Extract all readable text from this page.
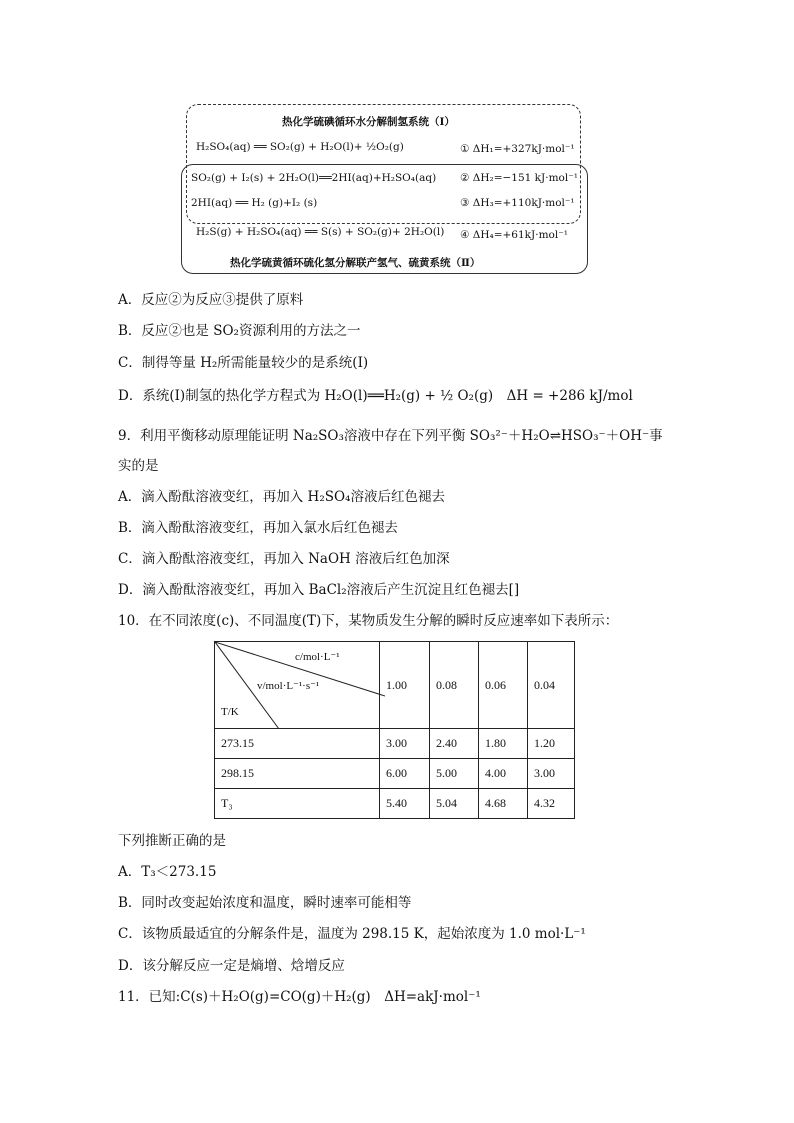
热化学硫碘循环水分解制氢系统（Ⅰ）
H₂SO₄(aq) ══ SO₂(g) + H₂O(l)+ ½O₂(g)	① ΔH₁=+327kJ·mol⁻¹
SO₂(g) + I₂(s) + 2H₂O(l)══2HI(aq)+H₂SO₄(aq) ② ΔH₂=−151 kJ·mol⁻¹
2HI(aq) ══ H₂ (g)+I₂ (s)	③ ΔH₃=+110kJ·mol⁻¹
H₂S(g) + H₂SO₄(aq) ══ S(s) + SO₂(g)+ 2H₂O(l) ④ ΔH₄=+61kJ·mol⁻¹
热化学硫黄循环硫化氢分解联产氢气、硫黄系统（Ⅱ）
A．反应②为反应③提供了原料
B．反应②也是 SO₂资源利用的方法之一
C．制得等量 H₂所需能量较少的是系统(I)
D．系统(I)制氢的热化学方程式为 H₂O(l)══H₂(g) + ½ O₂(g)　ΔH = +286 kJ/mol
9．利用平衡移动原理能证明 Na₂SO₃溶液中存在下列平衡 SO₃²⁻＋H₂O⇌HSO₃⁻＋OH⁻事
实的是
A．滴入酚酞溶液变红，再加入 H₂SO₄溶液后红色褪去
B．滴入酚酞溶液变红，再加入氯水后红色褪去
C．滴入酚酞溶液变红，再加入 NaOH 溶液后红色加深
D．滴入酚酞溶液变红，再加入 BaCl₂溶液后产生沉淀且红色褪去[]
10．在不同浓度(c)、不同温度(T)下，某物质发生分解的瞬时反应速率如下表所示：
c/mol·L⁻¹
v/mol·L⁻¹·s⁻¹
T/K	1.00	0.08	0.06	0.04
273.15	3.00	2.40	1.80	1.20
298.15	6.00	5.00	4.00	3.00
T₃	5.40	5.04	4.68	4.32
下列推断正确的是
A．T₃＜273.15
B．同时改变起始浓度和温度，瞬时速率可能相等
C．该物质最适宜的分解条件是，温度为 298.15 K，起始浓度为 1.0 mol·L⁻¹
D．该分解反应一定是熵增、焓增反应
11．已知:C(s)＋H₂O(g)=CO(g)＋H₂(g)　ΔH=akJ·mol⁻¹
